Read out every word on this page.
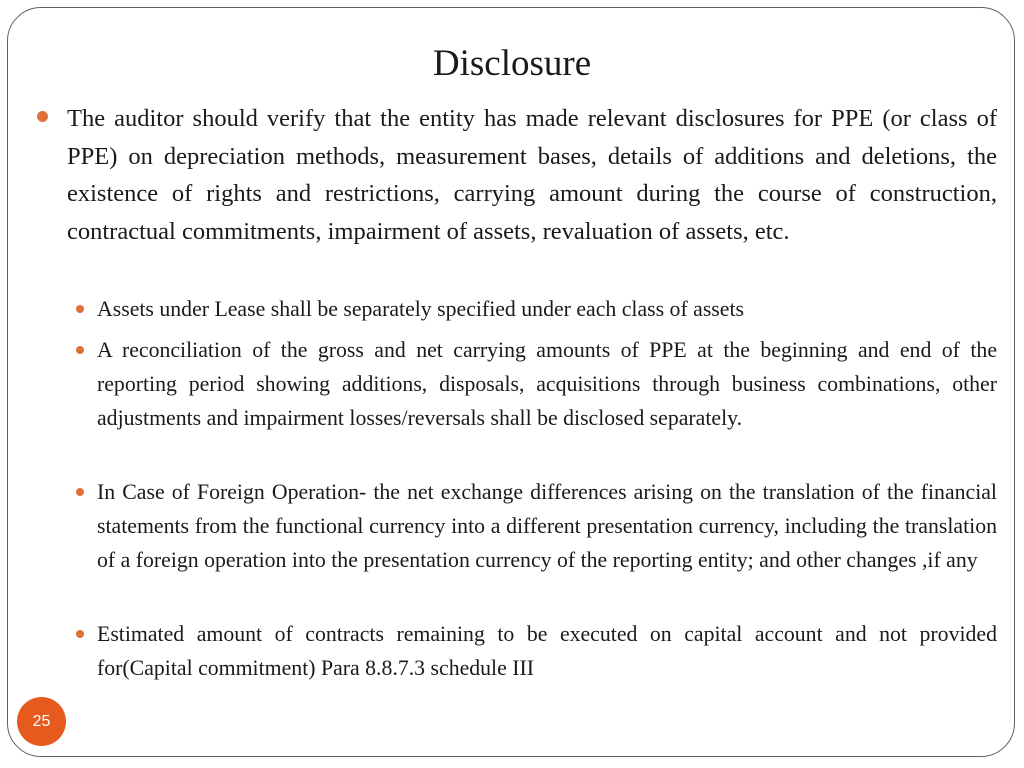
Disclosure
The auditor should verify that the entity has made relevant disclosures for PPE (or class of PPE) on depreciation methods, measurement bases, details of additions and deletions, the existence of rights and restrictions, carrying amount during the course of construction, contractual commitments, impairment of assets, revaluation of assets, etc.
Assets under Lease shall be separately specified under each class of assets
A reconciliation of the gross and net carrying amounts of PPE at the beginning and end of the reporting period showing additions, disposals, acquisitions through business combinations, other adjustments and impairment losses/reversals shall be disclosed separately.
In Case of Foreign Operation- the net exchange differences arising on the translation of the financial statements from the functional currency into a different presentation currency, including the translation of a foreign operation into the presentation currency of the reporting entity; and other changes ,if any
Estimated amount of contracts remaining to be executed on capital account and not provided for(Capital commitment) Para 8.8.7.3 schedule III
25
